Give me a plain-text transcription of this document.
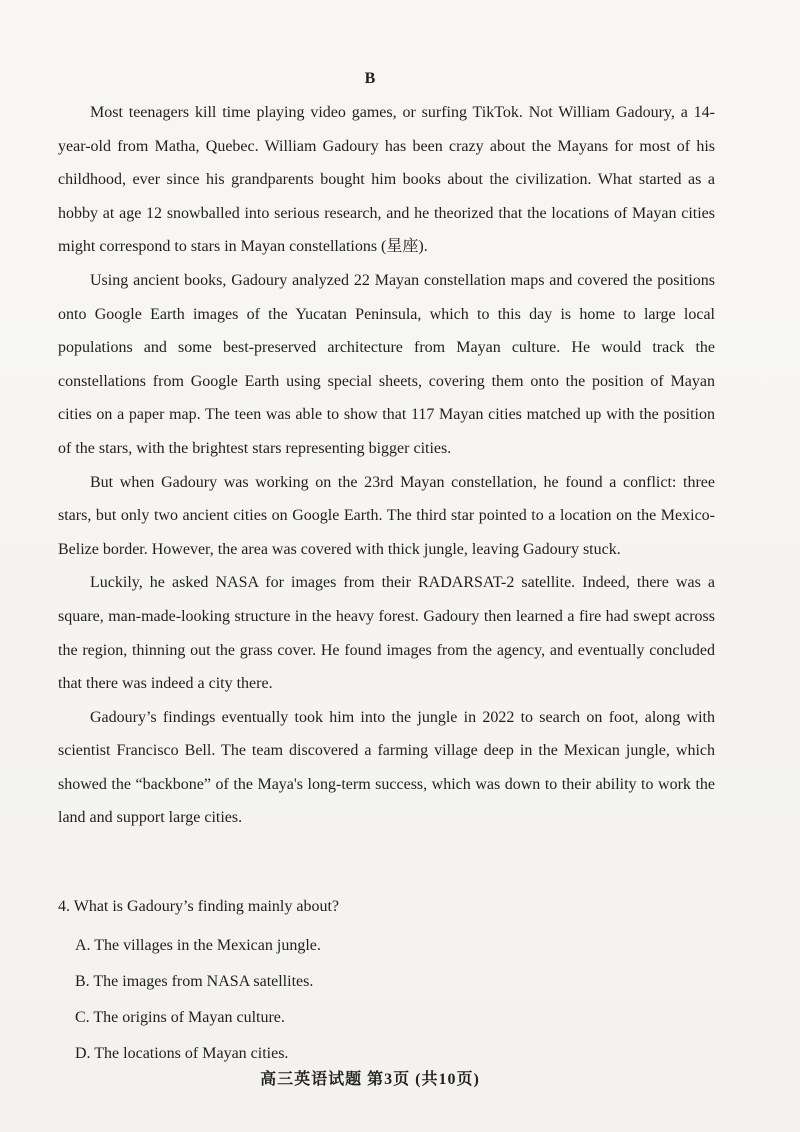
B

Most teenagers kill time playing video games, or surfing TikTok. Not William Gadoury, a 14-year-old from Matha, Quebec. William Gadoury has been crazy about the Mayans for most of his childhood, ever since his grandparents bought him books about the civilization. What started as a hobby at age 12 snowballed into serious research, and he theorized that the locations of Mayan cities might correspond to stars in Mayan constellations (星座).

Using ancient books, Gadoury analyzed 22 Mayan constellation maps and covered the positions onto Google Earth images of the Yucatan Peninsula, which to this day is home to large local populations and some best-preserved architecture from Mayan culture. He would track the constellations from Google Earth using special sheets, covering them onto the position of Mayan cities on a paper map. The teen was able to show that 117 Mayan cities matched up with the position of the stars, with the brightest stars representing bigger cities.

But when Gadoury was working on the 23rd Mayan constellation, he found a conflict: three stars, but only two ancient cities on Google Earth. The third star pointed to a location on the Mexico-Belize border. However, the area was covered with thick jungle, leaving Gadoury stuck.

Luckily, he asked NASA for images from their RADARSAT-2 satellite. Indeed, there was a square, man-made-looking structure in the heavy forest. Gadoury then learned a fire had swept across the region, thinning out the grass cover. He found images from the agency, and eventually concluded that there was indeed a city there.

Gadoury’s findings eventually took him into the jungle in 2022 to search on foot, along with scientist Francisco Bell. The team discovered a farming village deep in the Mexican jungle, which showed the “backbone” of the Maya's long-term success, which was down to their ability to work the land and support large cities.

4. What is Gadoury’s finding mainly about?
A. The villages in the Mexican jungle.
B. The images from NASA satellites.
C. The origins of Mayan culture.
D. The locations of Mayan cities.
高三英语试题 第3页 (共10页)
